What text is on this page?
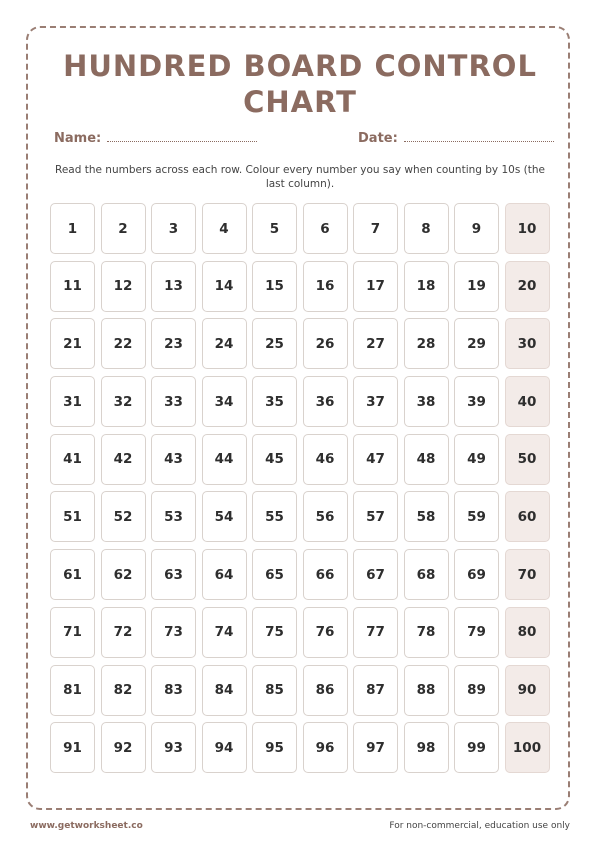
HUNDRED BOARD CONTROL
CHART
Name:	Date:
Read the numbers across each row. Colour every number you say when counting by 10s (the last column).
1	2	3	4	5	6	7	8	9	10
11	12	13	14	15	16	17	18	19	20
21	22	23	24	25	26	27	28	29	30
31	32	33	34	35	36	37	38	39	40
41	42	43	44	45	46	47	48	49	50
51	52	53	54	55	56	57	58	59	60
61	62	63	64	65	66	67	68	69	70
71	72	73	74	75	76	77	78	79	80
81	82	83	84	85	86	87	88	89	90
91	92	93	94	95	96	97	98	99	100
www.getworksheet.co	For non-commercial, education use only
